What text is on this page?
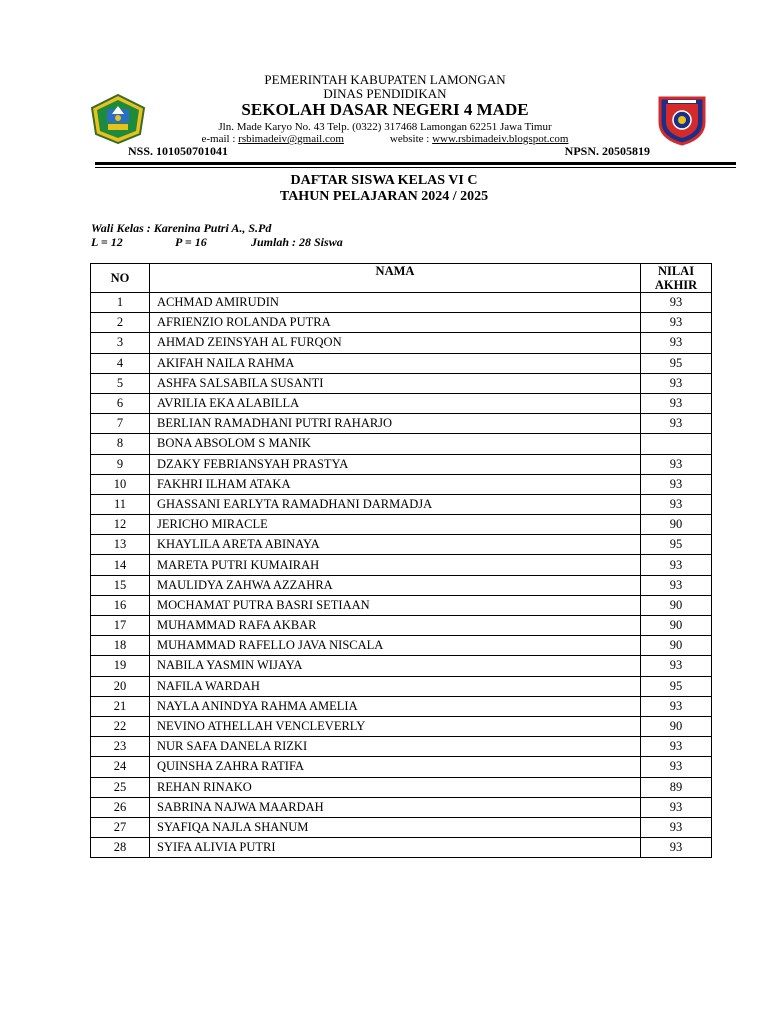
PEMERINTAH KABUPATEN LAMONGAN
DINAS PENDIDIKAN
SEKOLAH DASAR NEGERI 4 MADE
Jln. Made Karyo No. 43 Telp. (0322) 317468 Lamongan 62251 Jawa Timur
e-mail : rsbimadeiv@gmail.com	website : www.rsbimadeiv.blogspot.com
NSS. 101050701041	NPSN. 20505819
DAFTAR SISWA KELAS VI C
TAHUN PELAJARAN 2024 / 2025
Wali Kelas : Karenina Putri A., S.Pd
L = 12	P = 16	Jumlah : 28 Siswa
NO	NAMA	NILAI
AKHIR
1	ACHMAD AMIRUDIN	93
2	AFRIENZIO ROLANDA PUTRA	93
3	AHMAD ZEINSYAH AL FURQON	93
4	AKIFAH NAILA RAHMA	95
5	ASHFA SALSABILA SUSANTI	93
6	AVRILIA EKA ALABILLA	93
7	BERLIAN RAMADHANI PUTRI RAHARJO	93
8	BONA ABSOLOM S MANIK	
9	DZAKY FEBRIANSYAH PRASTYA	93
10	FAKHRI ILHAM ATAKA	93
11	GHASSANI EARLYTA RAMADHANI DARMADJA	93
12	JERICHO MIRACLE	90
13	KHAYLILA ARETA ABINAYA	95
14	MARETA PUTRI KUMAIRAH	93
15	MAULIDYA ZAHWA AZZAHRA	93
16	MOCHAMAT PUTRA BASRI SETIAAN	90
17	MUHAMMAD RAFA AKBAR	90
18	MUHAMMAD RAFELLO JAVA NISCALA	90
19	NABILA YASMIN WIJAYA	93
20	NAFILA WARDAH	95
21	NAYLA ANINDYA RAHMA AMELIA	93
22	NEVINO ATHELLAH VENCLEVERLY	90
23	NUR SAFA DANELA RIZKI	93
24	QUINSHA ZAHRA RATIFA	93
25	REHAN RINAKO	89
26	SABRINA NAJWA MAARDAH	93
27	SYAFIQA NAJLA SHANUM	93
28	SYIFA ALIVIA PUTRI	93
